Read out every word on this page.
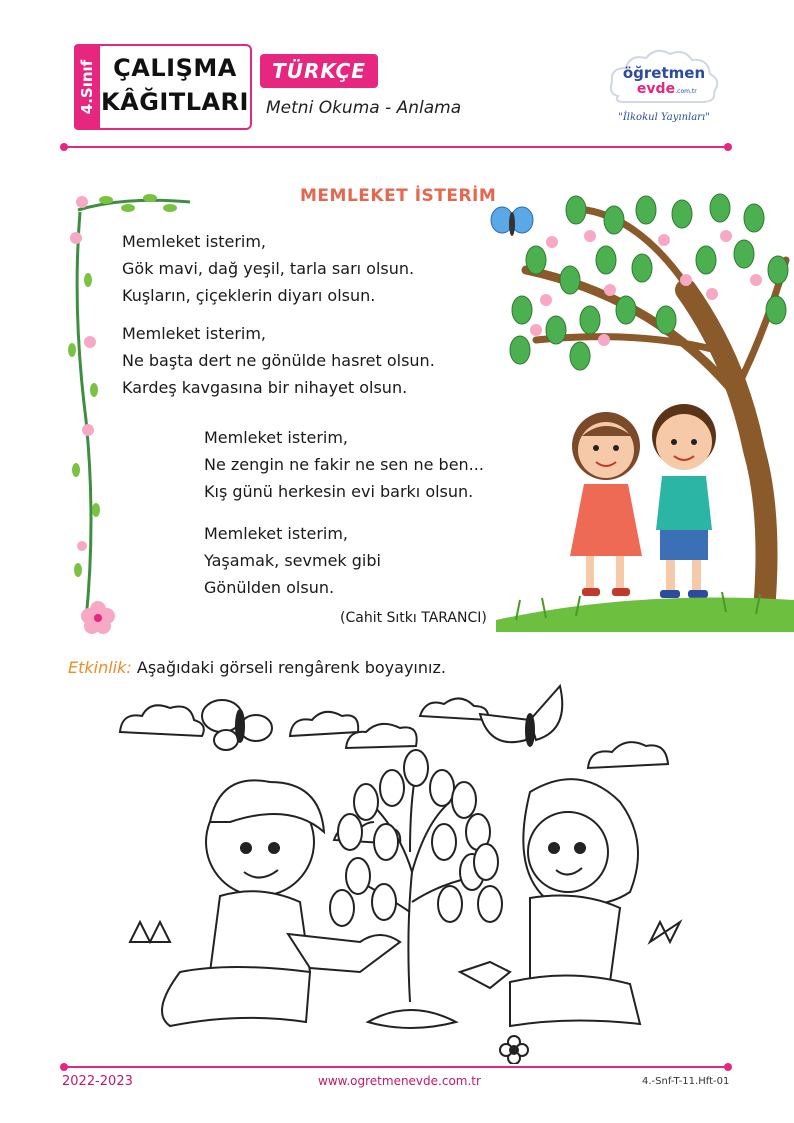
4.Sınıf ÇALIŞMA
KÂĞITLARI
TÜRKÇE
Metni Okuma - Anlama
öğretmen
evde .com.tr
"İlkokul Yayınları"
MEMLEKET İSTERİM
Memleket isterim,
Gök mavi, dağ yeşil, tarla sarı olsun.
Kuşların, çiçeklerin diyarı olsun.
Memleket isterim,
Ne başta dert ne gönülde hasret olsun.
Kardeş kavgasına bir nihayet olsun.
Memleket isterim,
Ne zengin ne fakir ne sen ne ben...
Kış günü herkesin evi barkı olsun.
Memleket isterim,
Yaşamak, sevmek gibi
Gönülden olsun.
(Cahit Sıtkı TARANCI)
Etkinlik: Aşağıdaki görseli rengârenk boyayınız.
2022-2023	www.ogretmenevde.com.tr	4.-Snf-T-11.Hft-01
